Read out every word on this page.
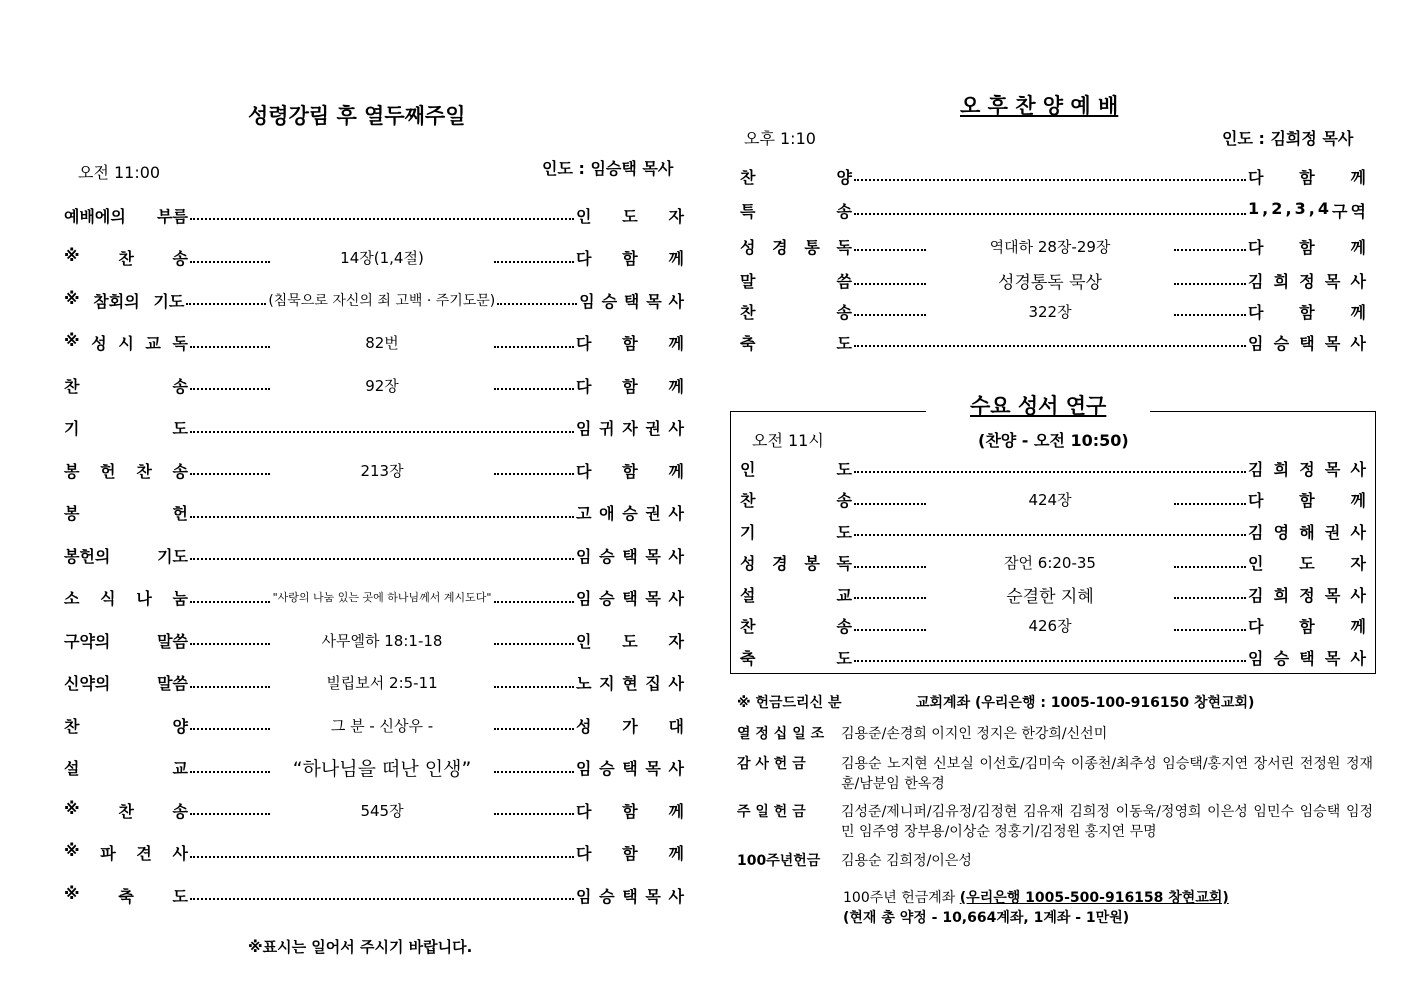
성령강림 후 열두째주일
오전 11:00	인도 : 임승택 목사
예배에의 부름	인 도 자
※ 찬 송	14장(1,4절)	다 함 께
※ 참회의 기도	(침묵으로 자신의 죄 고백 · 주기도문)	임 승 택 목 사
※ 성 시 교 독	82번	다 함 께
찬	송	92장	다 함 께
기	도	임 귀 자 권 사
봉 헌 찬 송	213장	다 함 께
봉	헌	고 애 승 권 사
봉헌의	기도	임 승 택 목 사
소 식 나 눔	"사랑의 나눔 있는 곳에 하나님께서 계시도다"	임 승 택 목 사
구약의	말씀	사무엘하 18:1-18	인 도 자
신약의	말씀	빌립보서 2:5-11	노 지 현 집 사
찬	양	그 분 - 신상우 -	성 가 대
설	교	“하나님을 떠난 인생”	임 승 택 목 사
※ 찬 송	545장	다 함 께
※ 파 견 사	다 함 께
※ 축 도	임 승 택 목 사
※표시는 일어서 주시기 바랍니다.
오 후 찬 양 예 배
오후 1:10	인도 : 김희정 목사
찬	양	다 함 께
특	송	1 , 2 , 3 , 4 구 역
성 경 통 독	역대하 28장-29장	다 함 께
말	씀	성경통독 묵상	김 희 정 목 사
찬	송	322장	다 함 께
축	도	임 승 택 목 사
수요 성서 연구
오전 11시	(찬양 - 오전 10:50)
인	도	김 희 정 목 사
찬	송	424장	다 함 께
기	도	김 영 해 권 사
성 경 봉 독	잠언 6:20-35	인 도 자
설	교	순결한 지혜	김 희 정 목 사
찬	송	426장	다 함 께
축	도	임 승 택 목 사
※ 헌금드리신 분	교회계좌 (우리은행 : 1005-100-916150 창현교회)
열 정 십 일 조	김용준/손경희 이지인 정지은 한강희/신선미
감 사 헌 금	김용순 노지현 신보실 이선호/김미숙 이종천/최추성 임승택/홍지연 장서린 전정원 정재훈/남분임 한옥경
주 일 헌 금	김성준/제니퍼/김유정/김정현 김유재 김희정 이동욱/정영희 이은성 임민수 임승택 임정민 임주영 장부용/이상순 정홍기/김정원 홍지연 무명
100주년헌금 김용순 김희정/이은성
100주년 헌금계좌 (우리은행 1005-500-916158 창현교회)
(현재 총 약정 - 10,664계좌, 1계좌 - 1만원)
